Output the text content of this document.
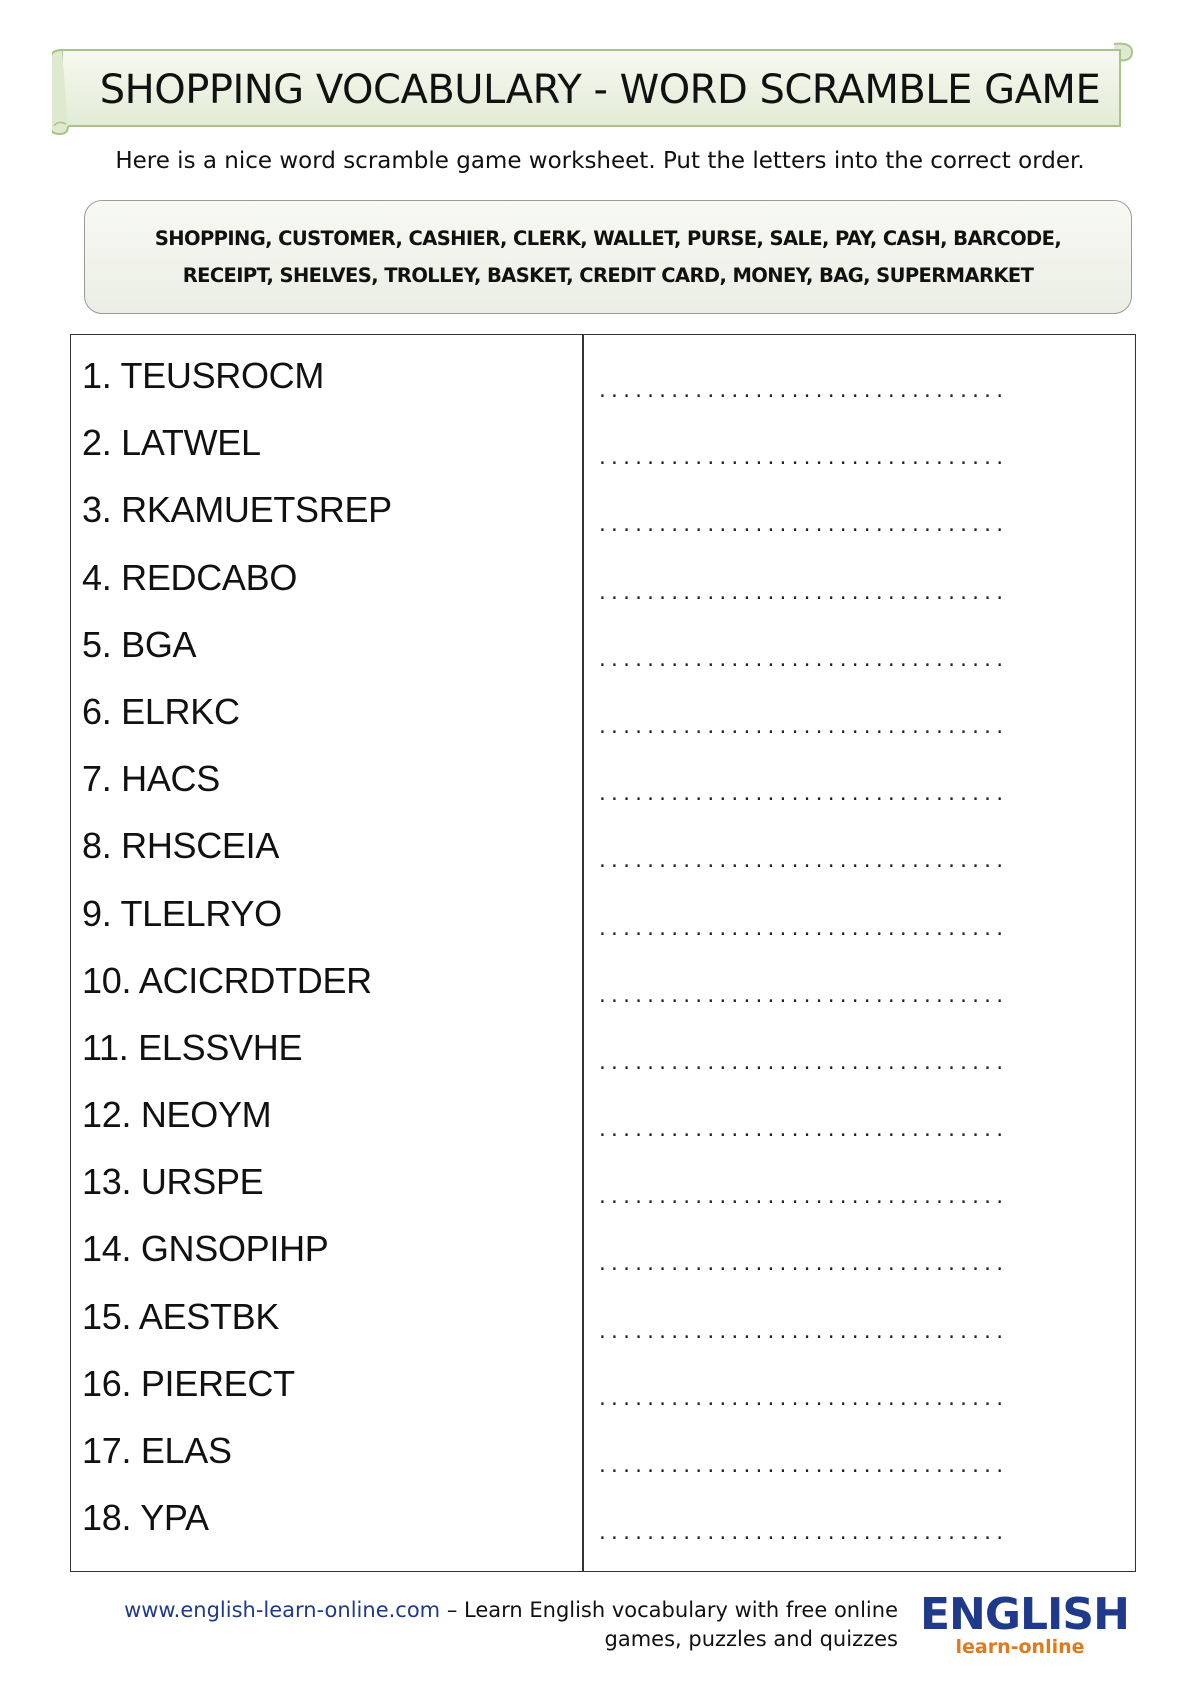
SHOPPING VOCABULARY - WORD SCRAMBLE GAME
Here is a nice word scramble game worksheet. Put the letters into the correct order.

SHOPPING, CUSTOMER, CASHIER, CLERK, WALLET, PURSE, SALE, PAY, CASH, BARCODE, RECEIPT, SHELVES, TROLLEY, BASKET, CREDIT CARD, MONEY, BAG, SUPERMARKET

1. TEUSROCM	..................................
2. LATWEL	..................................
3. RKAMUETSREP	..................................
4. REDCABO	..................................
5. BGA	..................................
6. ELRKC	..................................
7. HACS	..................................
8. RHSCEIA	..................................
9. TLELRYO	..................................
10. ACICRDTDER	..................................
11. ELSSVHE	..................................
12. NEOYM	..................................
13. URSPE	..................................
14. GNSOPIHP	..................................
15. AESTBK	..................................
16. PIERECT	..................................
17. ELAS	..................................
18. YPA	..................................
www.english-learn-online.com – Learn English vocabulary with free online
games, puzzles and quizzes ENGLISH
learn-online
